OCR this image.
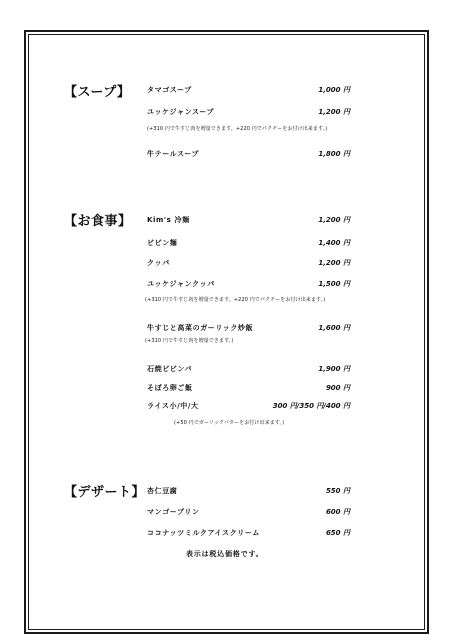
【スープ】 タマゴスープ	1,000 円
ユッケジャンスープ	1,200 円
(+310 円で牛すじ肉を増量できます。+220 円でパクチーをお付け出来ます。)
牛テールスープ	1,800 円
【お食事】 Kim's 冷麺	1,200 円
ビビン麺	1,400 円
クッパ	1,200 円
ユッケジャンクッパ	1,500 円
(+310 円で牛すじ肉を増量できます。+220 円でパクチーをお付け出来ます。)
牛すじと高菜のガーリック炒飯	1,600 円
(+310 円で牛すじ肉を増量できます。)
石焼ビビンバ	1,900 円
そぼろ卵ご飯	900 円
ライス小/中/大	300 円/350 円/400 円
(+50 円でガーリックバターをお付け出来ます。)
【デザート】 杏仁豆腐	550 円
マンゴープリン	600 円
ココナッツミルクアイスクリーム	650 円
表示は税込価格です。
